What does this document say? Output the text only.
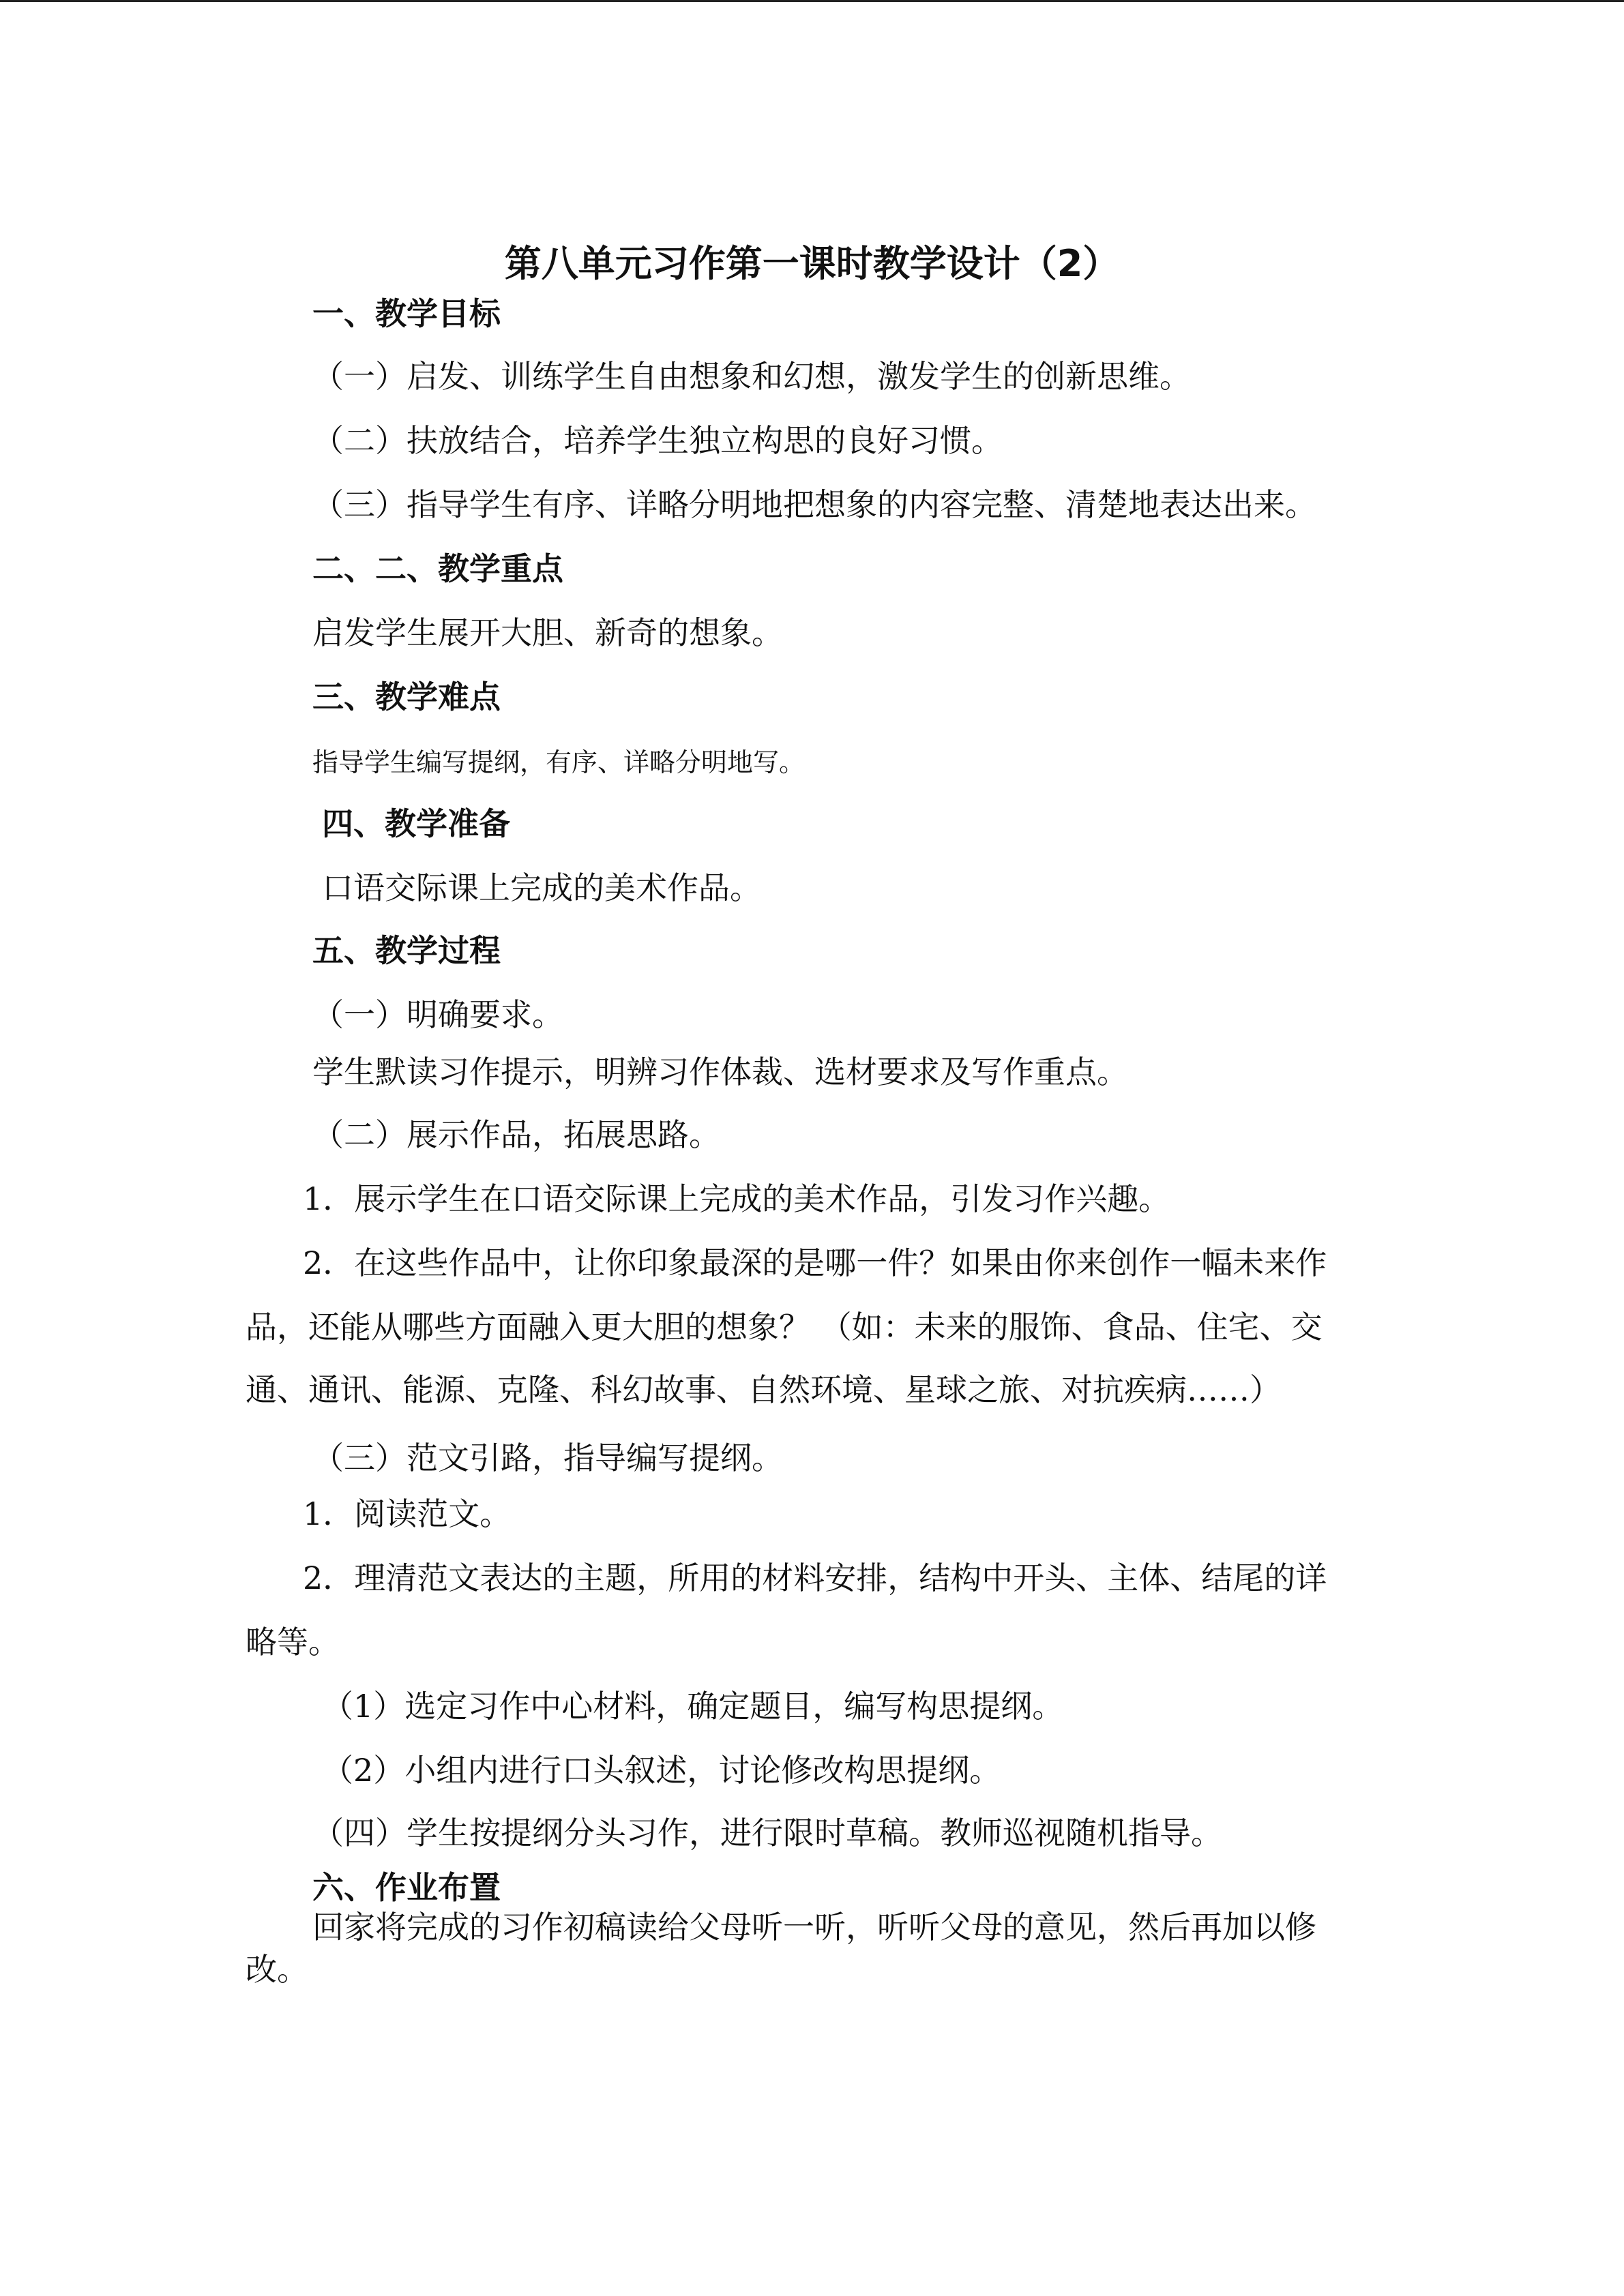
第八单元习作第一课时教学设计（2）
一、教学目标
（一）启发、训练学生自由想象和幻想，激发学生的创新思维。
（二）扶放结合，培养学生独立构思的良好习惯。
（三）指导学生有序、详略分明地把想象的内容完整、清楚地表达出来。
二、二、教学重点
启发学生展开大胆、新奇的想象。
三、教学难点
指导学生编写提纲，有序、详略分明地写。
四、教学准备
口语交际课上完成的美术作品。
五、教学过程
（一）明确要求。
学生默读习作提示，明辨习作体裁、选材要求及写作重点。
（二）展示作品，拓展思路。
1．展示学生在口语交际课上完成的美术作品，引发习作兴趣。
2．在这些作品中，让你印象最深的是哪一件？如果由你来创作一幅未来作
品，还能从哪些方面融入更大胆的想象？ （如：未来的服饰、食品、住宅、交
通、通讯、能源、克隆、科幻故事、自然环境、星球之旅、对抗疾病……）
（三）范文引路，指导编写提纲。
1．阅读范文。
2．理清范文表达的主题，所用的材料安排，结构中开头、主体、结尾的详
略等。
（1）选定习作中心材料，确定题目，编写构思提纲。
（2）小组内进行口头叙述，讨论修改构思提纲。
（四）学生按提纲分头习作，进行限时草稿。教师巡视随机指导。
六、作业布置
回家将完成的习作初稿读给父母听一听，听听父母的意见，然后再加以修
改。
